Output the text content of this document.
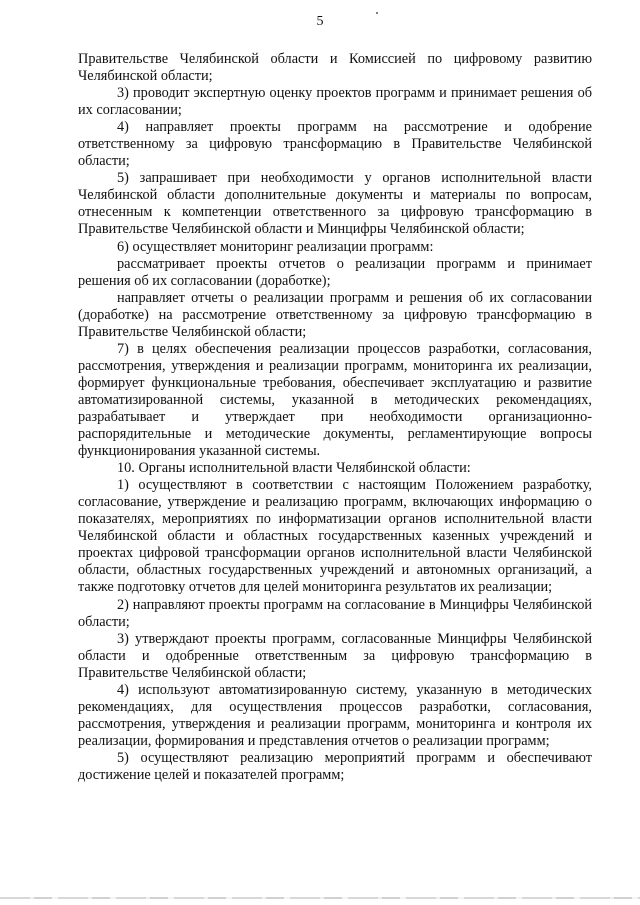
5

Правительстве Челябинской области и Комиссией по цифровому развитию Челябинской области;

3) проводит экспертную оценку проектов программ и принимает решения об их согласовании;

4) направляет проекты программ на рассмотрение и одобрение ответственному за цифровую трансформацию в Правительстве Челябинской области;

5) запрашивает при необходимости у органов исполнительной власти Челябинской области дополнительные документы и материалы по вопросам, отнесенным к компетенции ответственного за цифровую трансформацию в Правительстве Челябинской области и Минцифры Челябинской области;

6) осуществляет мониторинг реализации программ:

рассматривает проекты отчетов о реализации программ и принимает решения об их согласовании (доработке);

направляет отчеты о реализации программ и решения об их согласовании (доработке) на рассмотрение ответственному за цифровую трансформацию в Правительстве Челябинской области;

7) в целях обеспечения реализации процессов разработки, согласования, рассмотрения, утверждения и реализации программ, мониторинга их реализации, формирует функциональные требования, обеспечивает эксплуатацию и развитие автоматизированной системы, указанной в методических рекомендациях, разрабатывает и утверждает при необходимости организационно-распорядительные и методические документы, регламентирующие вопросы функционирования указанной системы.

10. Органы исполнительной власти Челябинской области:

1) осуществляют в соответствии с настоящим Положением разработку, согласование, утверждение и реализацию программ, включающих информацию о показателях, мероприятиях по информатизации органов исполнительной власти Челябинской области и областных государственных казенных учреждений и проектах цифровой трансформации органов исполнительной власти Челябинской области, областных государственных учреждений и автономных организаций, а также подготовку отчетов для целей мониторинга результатов их реализации;

2) направляют проекты программ на согласование в Минцифры Челябинской области;

3) утверждают проекты программ, согласованные Минцифры Челябинской области и одобренные ответственным за цифровую трансформацию в Правительстве Челябинской области;

4) используют автоматизированную систему, указанную в методических рекомендациях, для осуществления процессов разработки, согласования, рассмотрения, утверждения и реализации программ, мониторинга и контроля их реализации, формирования и представления отчетов о реализации программ;

5) осуществляют реализацию мероприятий программ и обеспечивают достижение целей и показателей программ;
